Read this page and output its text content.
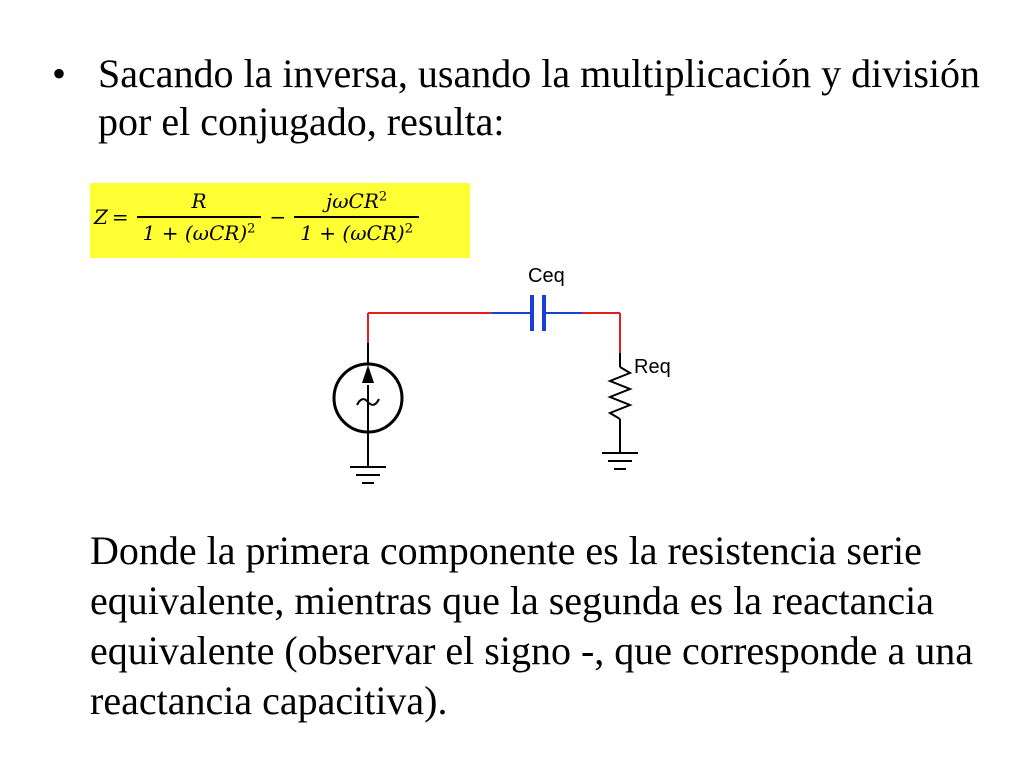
• Sacando la inversa, usando la multiplicación y división por el conjugado, resulta:
$Z = \frac{R}{1 + (\omega CR)^2} - \frac{j\omega CR^2}{1 + (\omega CR)^2}$
Ceq
Req
Donde la primera componente es la resistencia serie equivalente, mientras que la segunda es la reactancia equivalente (observar el signo -, que corresponde a una reactancia capacitiva).
